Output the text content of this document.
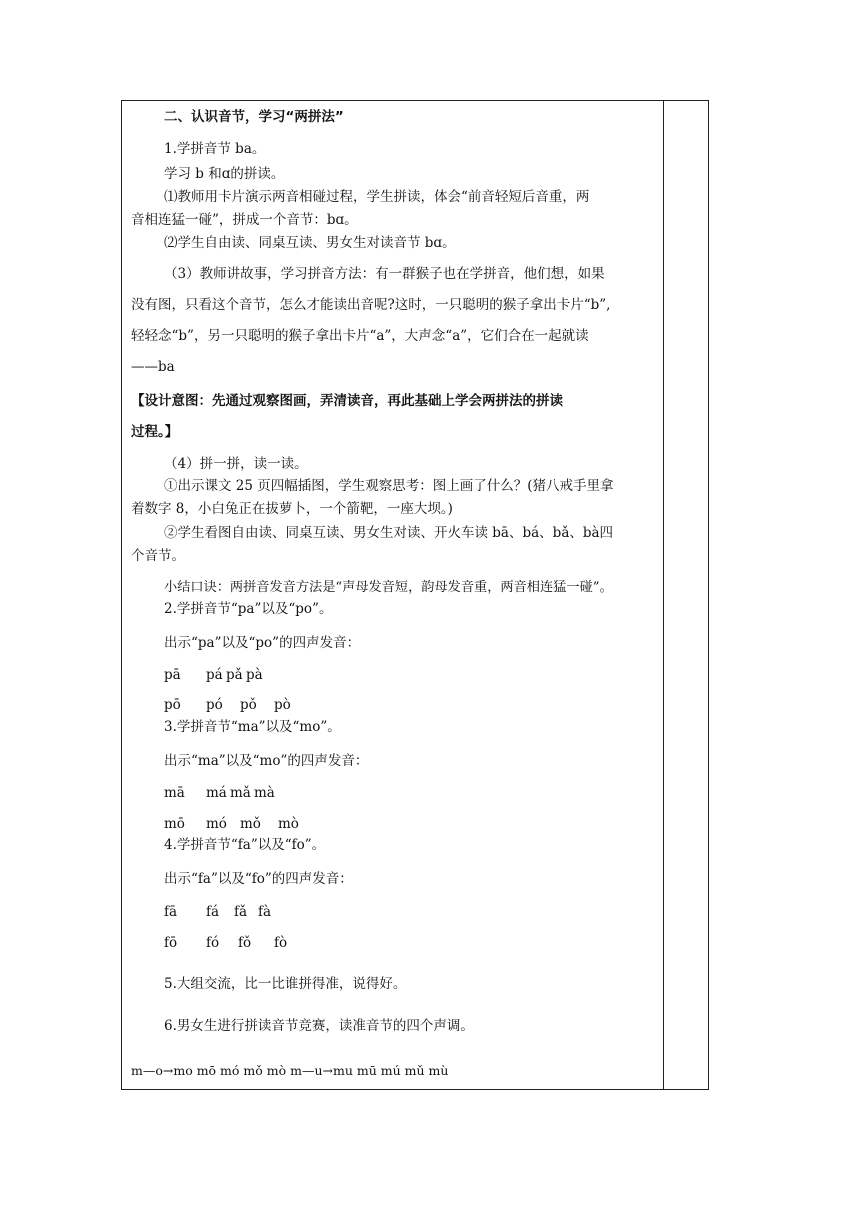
二、认识音节，学习“两拼法”
1.学拼音节 ba。
学习 b 和ɑ的拼读。
⑴教师用卡片演示两音相碰过程，学生拼读，体会“前音轻短后音重，两
音相连猛一碰”，拼成一个音节：bɑ。
⑵学生自由读、同桌互读、男女生对读音节 bɑ。
（3）教师讲故事，学习拼音方法：有一群猴子也在学拼音，他们想，如果
没有图，只看这个音节，怎么才能读出音呢?这时，一只聪明的猴子拿出卡片“b”,
轻轻念“b”，另一只聪明的猴子拿出卡片“a”，大声念“a”，它们合在一起就读
——ba
【设计意图：先通过观察图画，弄清读音，再此基础上学会两拼法的拼读
过程。】
（4）拼一拼，读一读。
①出示课文 25 页四幅插图，学生观察思考：图上画了什么？(猪八戒手里拿
着数字 8，小白兔正在拔萝卜，一个箭靶，一座大坝。)
②学生看图自由读、同桌互读、男女生对读、开火车读 bā、bá、bǎ、bà四
个音节。
小结口诀：两拼音发音方法是“声母发音短，韵母发音重，两音相连猛一碰”。
2.学拼音节“pa”以及“po”。
出示“pa”以及“po”的四声发音：
pā pá pǎ pà
pō pó pǒ pò
3.学拼音节“ma”以及“mo”。
出示“ma”以及“mo”的四声发音：
mā má mǎ mà
mō mó mǒ mò
4.学拼音节“fa”以及“fo”。
出示“fa”以及“fo”的四声发音：
fā fá fǎ fà
fō fó fǒ fò
5.大组交流，比一比谁拼得准，说得好。
6.男女生进行拼读音节竞赛，读准音节的四个声调。
m—o→mo mō mó mǒ mò m—u→mu mū mú mǔ mù
